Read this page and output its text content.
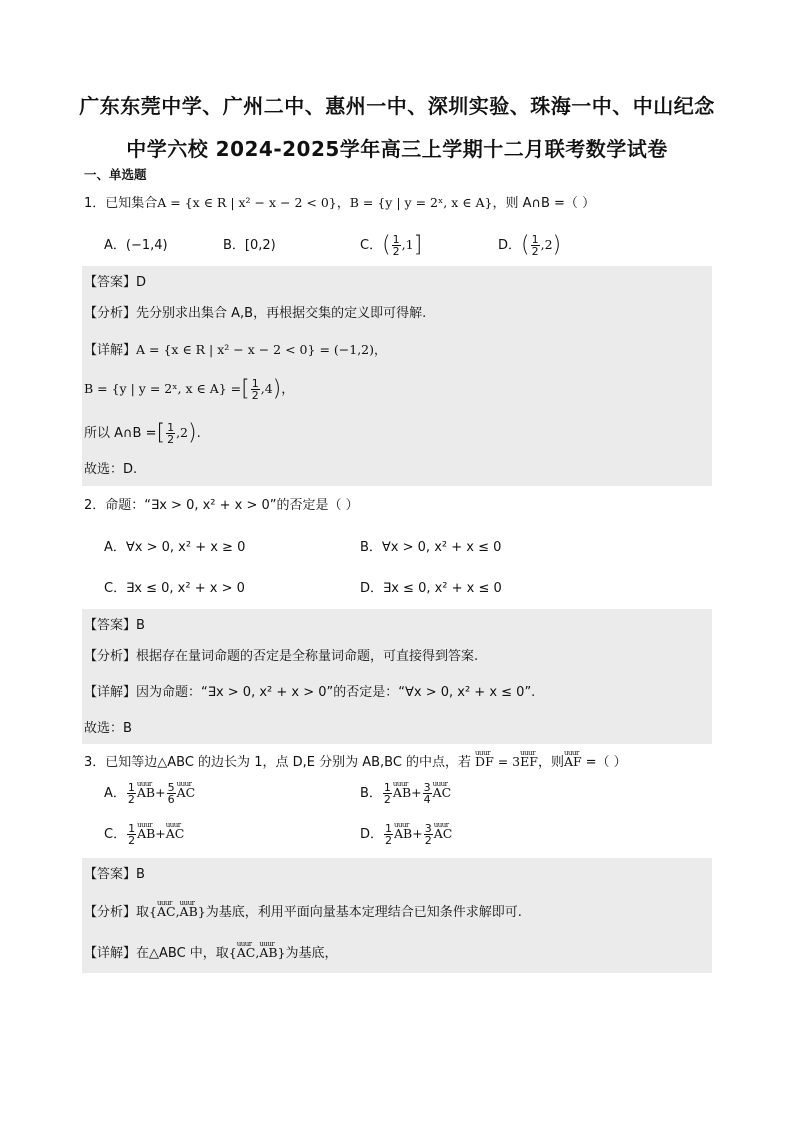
广东东莞中学、广州二中、惠州一中、深圳实验、珠海一中、中山纪念
中学六校 2024-2025学年高三上学期十二月联考数学试卷
一、单选题
1．已知集合A = {x ∈ R | x² − x − 2 < 0}，B = {y | y = 2ˣ, x ∈ A}，则 A∩B =（ ）
A．(−1,4)	B．[0,2)	C．( $\frac{1}{2} ,1$]	D．( $\frac{1}{2} ,2$)
【答案】D
【分析】先分别求出集合 A,B，再根据交集的定义即可得解.
【详解】A = {x ∈ R | x² − x − 2 < 0} = (−1,2)，
B = {y | y = 2ˣ, x ∈ A} =[ $\frac{1}{2} ,4$)，
所以 A∩B =[ $\frac{1}{2} ,2$).
故选：D.
2．命题：“∃x > 0, x² + x > 0”的否定是（ ）
A．∀x > 0, x² + x ≥ 0	B．∀x > 0, x² + x ≤ 0
C．∃x ≤ 0, x² + x > 0	D．∃x ≤ 0, x² + x ≤ 0
【答案】B
【分析】根据存在量词命题的否定是全称量词命题，可直接得到答案.
【详解】因为命题：“∃x > 0, x² + x > 0”的否定是：“∀x > 0, x² + x ≤ 0”.
故选：B
3．已知等边△ABC 的边长为 1，点 D,E 分别为 AB,BC 的中点，若 uuur DF = 3uuur EF，则uuur AF =（ ）
A． $\frac{1}{2}$ uuur $AB+ \frac{5}{6}$ uuur AC	B． $\frac{1}{2}$ uuur $AB+ \frac{3}{4}$ uuur AC
C． $\frac{1}{2}$ uuur AB+uuur AC	D． $\frac{1}{2}$ uuur $AB+ \frac{3}{2}$ uuur AC
【答案】B
【分析】取{uuur AC,uuur AB}为基底，利用平面向量基本定理结合已知条件求解即可.
【详解】在△ABC 中，取{uuur AC,uuur AB}为基底，
